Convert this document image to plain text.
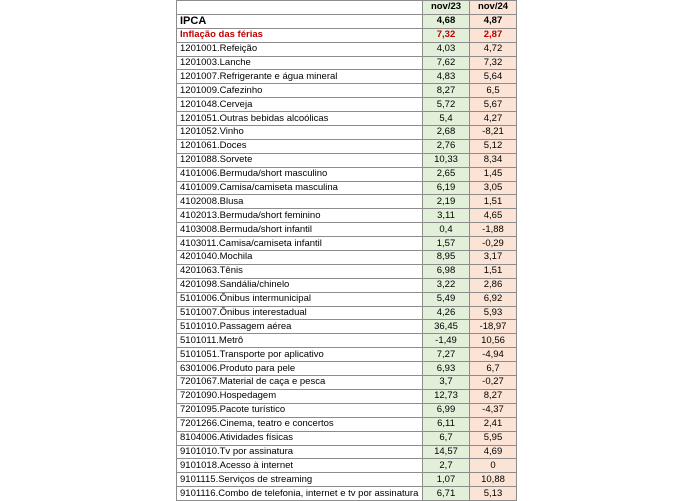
	nov/23	nov/24
IPCA	4,68	4,87
Inflação das férias	7,32	2,87
1201001.Refeição	4,03	4,72
1201003.Lanche	7,62	7,32
1201007.Refrigerante e água mineral	4,83	5,64
1201009.Cafezinho	8,27	6,5
1201048.Cerveja	5,72	5,67
1201051.Outras bebidas alcoólicas	5,4	4,27
1201052.Vinho	2,68	-8,21
1201061.Doces	2,76	5,12
1201088.Sorvete	10,33	8,34
4101006.Bermuda/short masculino	2,65	1,45
4101009.Camisa/camiseta masculina	6,19	3,05
4102008.Blusa	2,19	1,51
4102013.Bermuda/short feminino	3,11	4,65
4103008.Bermuda/short infantil	0,4	-1,88
4103011.Camisa/camiseta infantil	1,57	-0,29
4201040.Mochila	8,95	3,17
4201063.Tênis	6,98	1,51
4201098.Sandália/chinelo	3,22	2,86
5101006.Ônibus intermunicipal	5,49	6,92
5101007.Ônibus interestadual	4,26	5,93
5101010.Passagem aérea	36,45	-18,97
5101011.Metrô	-1,49	10,56
5101051.Transporte por aplicativo	7,27	-4,94
6301006.Produto para pele	6,93	6,7
7201067.Material de caça e pesca	3,7	-0,27
7201090.Hospedagem	12,73	8,27
7201095.Pacote turístico	6,99	-4,37
7201266.Cinema, teatro e concertos	6,11	2,41
8104006.Atividades físicas	6,7	5,95
9101010.Tv por assinatura	14,57	4,69
9101018.Acesso à internet	2,7	0
9101115.Serviços de streaming	1,07	10,88
9101116.Combo de telefonia, internet e tv por assinatura	6,71	5,13
